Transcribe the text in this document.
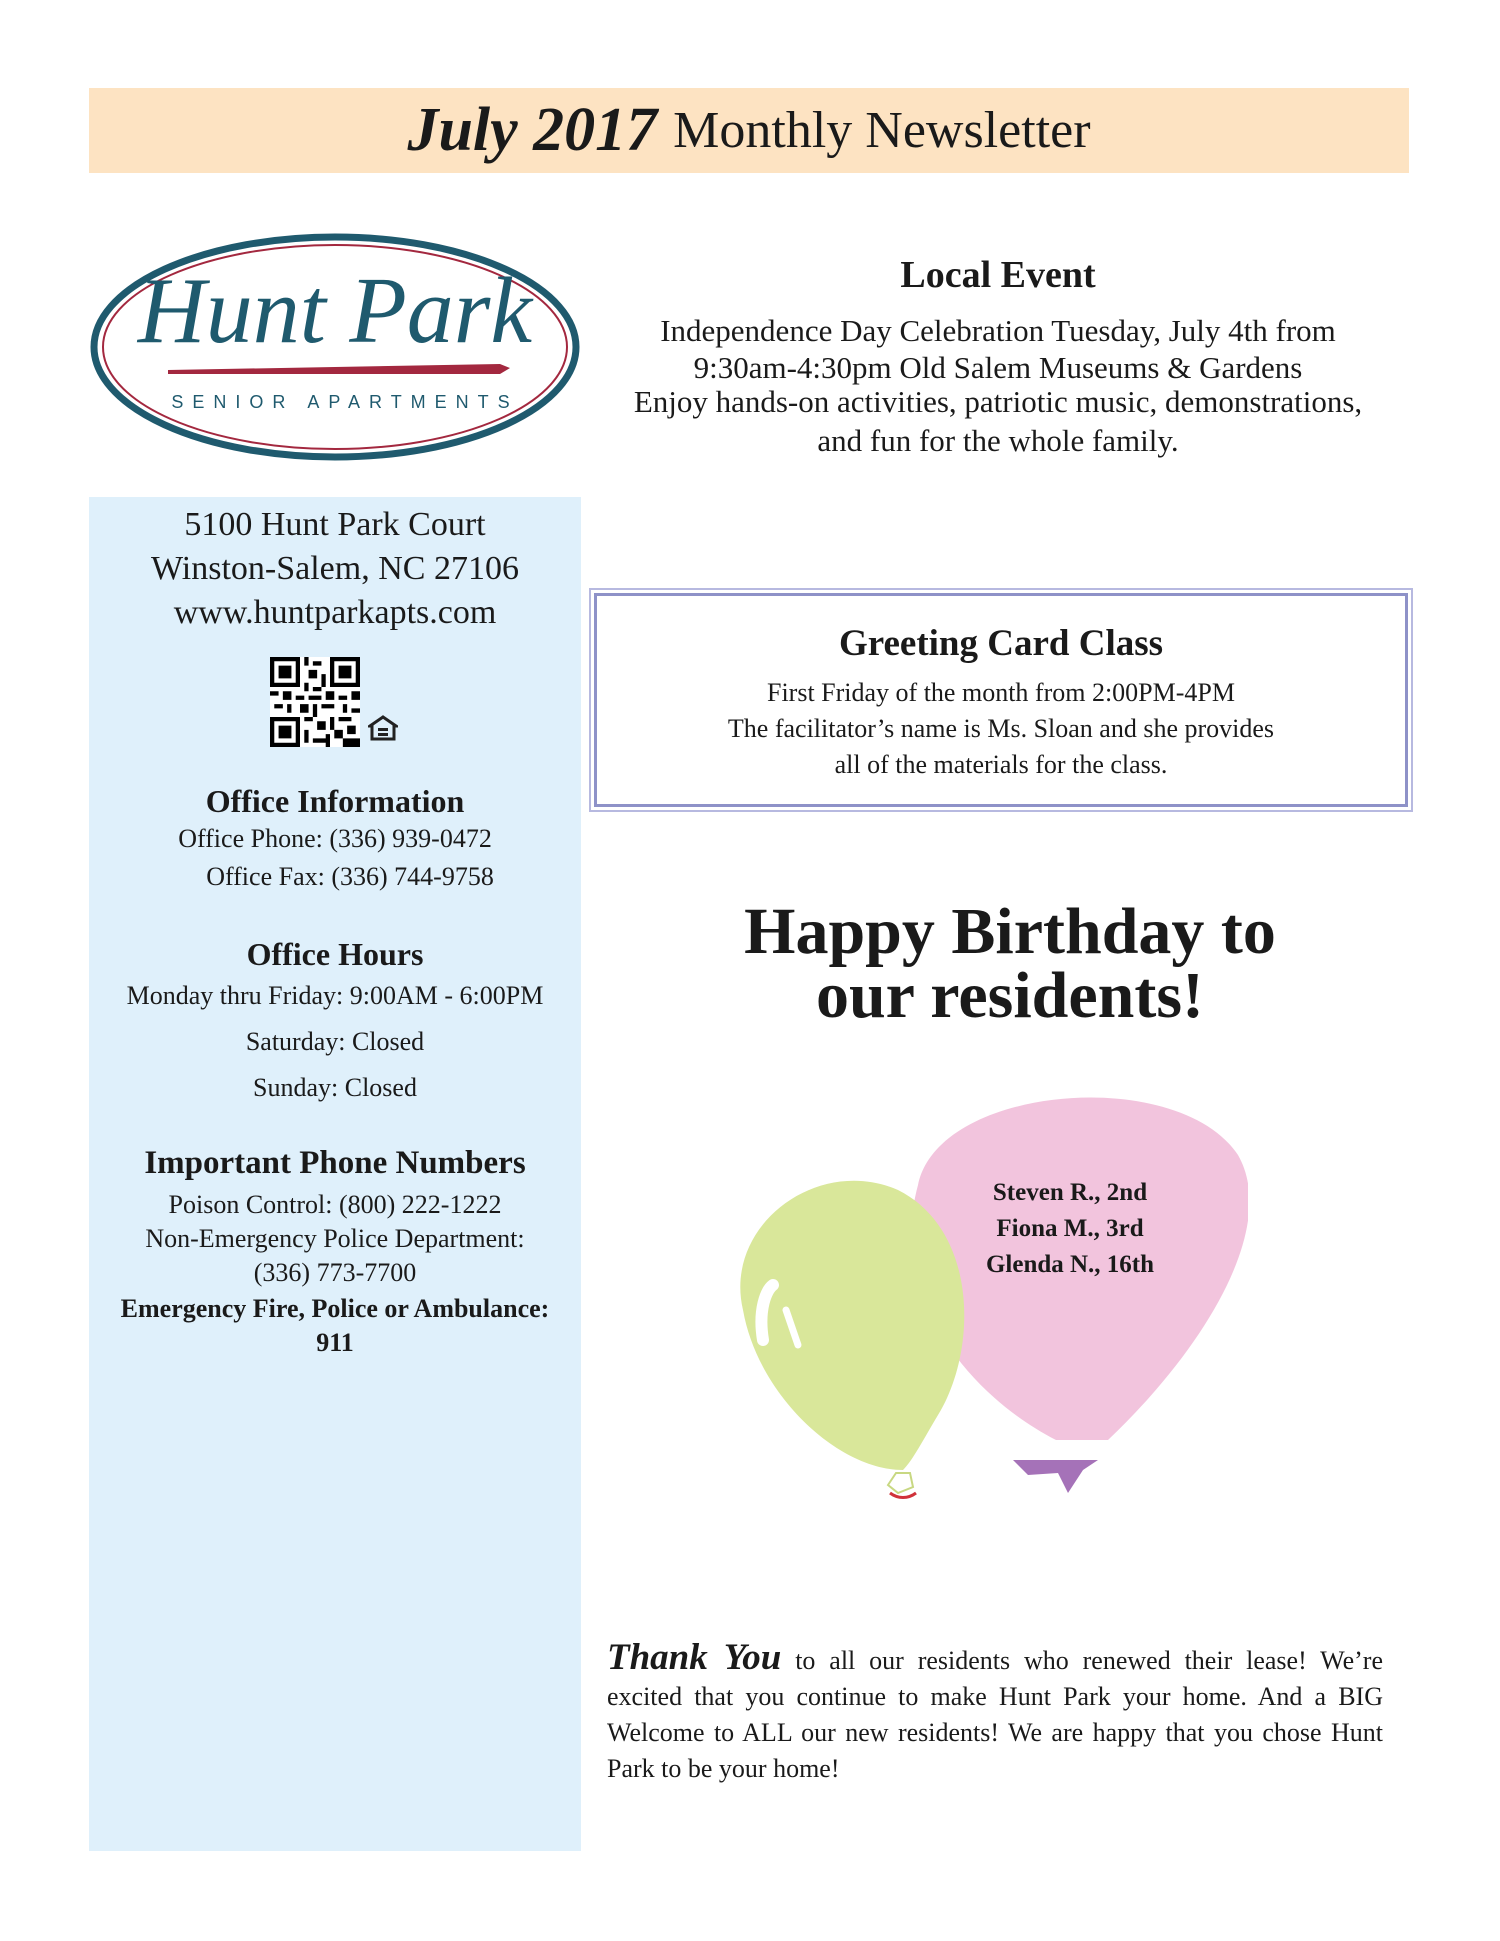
July 2017 Monthly Newsletter
Hunt Park
SENIOR APARTMENTS
5100 Hunt Park Court
Winston-Salem, NC 27106
www.huntparkapts.com
Office Information
Office Phone: (336) 939-0472
Office Fax: (336) 744-9758
Office Hours
Monday thru Friday: 9:00AM - 6:00PM
Saturday: Closed
Sunday: Closed
Important Phone Numbers
Poison Control: (800) 222-1222
Non-Emergency Police Department:
(336) 773-7700
Emergency Fire, Police or Ambulance:
911
Local Event
Independence Day Celebration Tuesday, July 4th from
9:30am-4:30pm Old Salem Museums & Gardens
Enjoy hands-on activities, patriotic music, demonstrations,
and fun for the whole family.
Greeting Card Class
First Friday of the month from 2:00PM-4PM
The facilitator’s name is Ms. Sloan and she provides
all of the materials for the class.
Happy Birthday to
our residents!
Steven R., 2nd
Fiona M., 3rd
Glenda N., 16th
Thank You to all our residents who renewed their lease! We’re excited that you continue to make Hunt Park your home. And a BIG Welcome to ALL our new residents! We are happy that you chose Hunt Park to be your home!
